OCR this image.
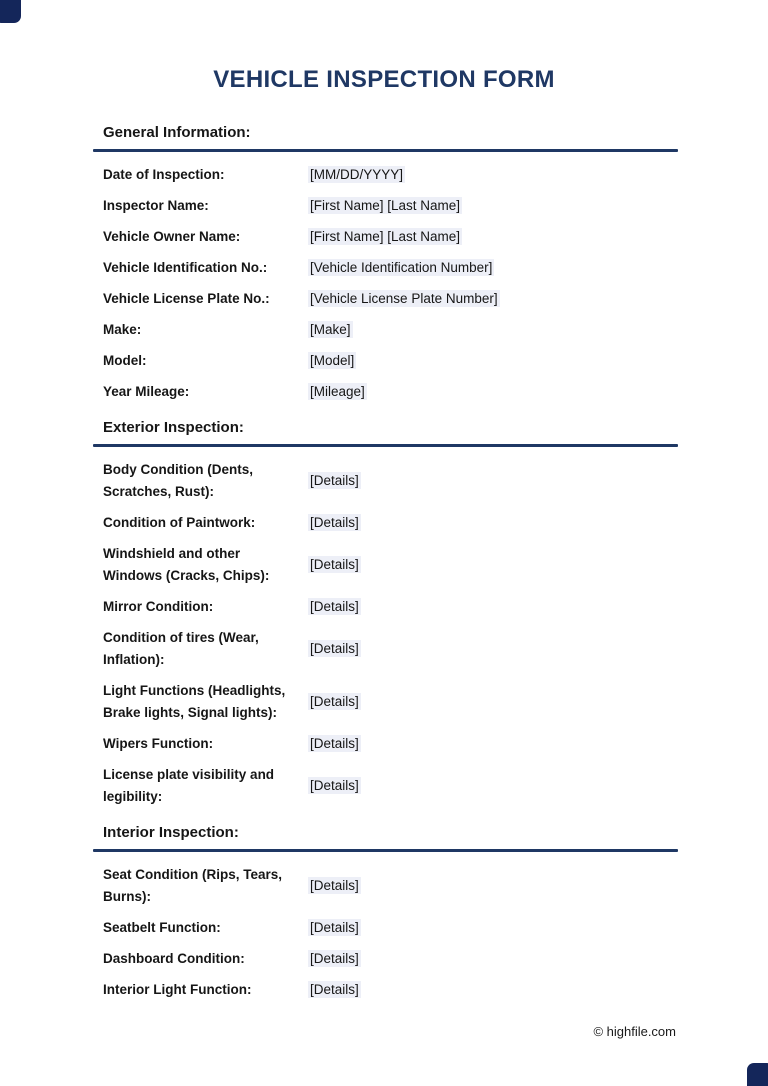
VEHICLE INSPECTION FORM
General Information:
Date of Inspection:	[MM/DD/YYYY]
Inspector Name:	[First Name] [Last Name]
Vehicle Owner Name:	[First Name] [Last Name]
Vehicle Identification No.:	[Vehicle Identification Number]
Vehicle License Plate No.:	[Vehicle License Plate Number]
Make:	[Make]
Model:	[Model]
Year Mileage:	[Mileage]
Exterior Inspection:
Body Condition (Dents, Scratches, Rust):
[Details]
Condition of Paintwork:	[Details]
Windshield and other Windows (Cracks, Chips):
[Details]
Mirror Condition:	[Details]
Condition of tires (Wear, Inflation):
[Details]
Light Functions (Headlights, Brake lights, Signal lights):
[Details]
Wipers Function:	[Details]
License plate visibility and legibility:
[Details]
Interior Inspection:
Seat Condition (Rips, Tears, Burns):
[Details]
Seatbelt Function:	[Details]
Dashboard Condition:	[Details]
Interior Light Function:	[Details]
© highfile.com
